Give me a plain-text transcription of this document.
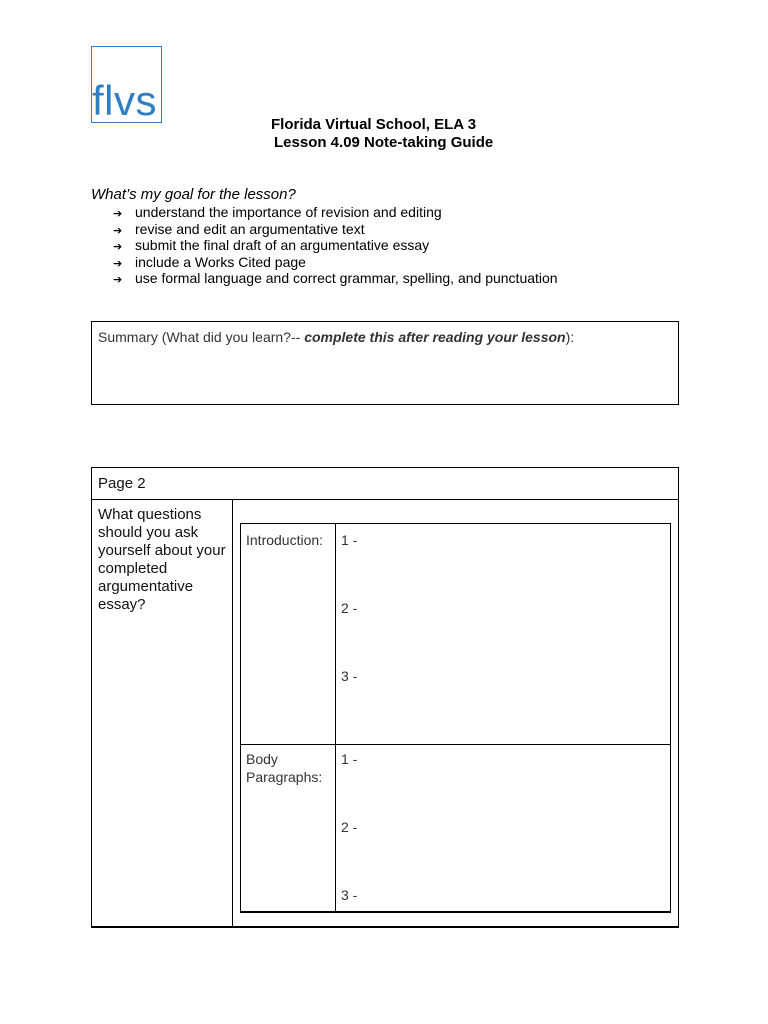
flvs
Florida Virtual School, ELA 3
Lesson 4.09 Note-taking Guide
What’s my goal for the lesson?
➔ understand the importance of revision and editing
➔ revise and edit an argumentative text
➔ submit the final draft of an argumentative essay
➔ include a Works Cited page
➔ use formal language and correct grammar, spelling, and punctuation
Summary (What did you learn?-- complete this after reading your lesson):
Page 2
What questions should you ask yourself about your completed argumentative essay?
Introduction:	1 -
2 -
3 -
Body Paragraphs:
1 -
2 -
3 -
